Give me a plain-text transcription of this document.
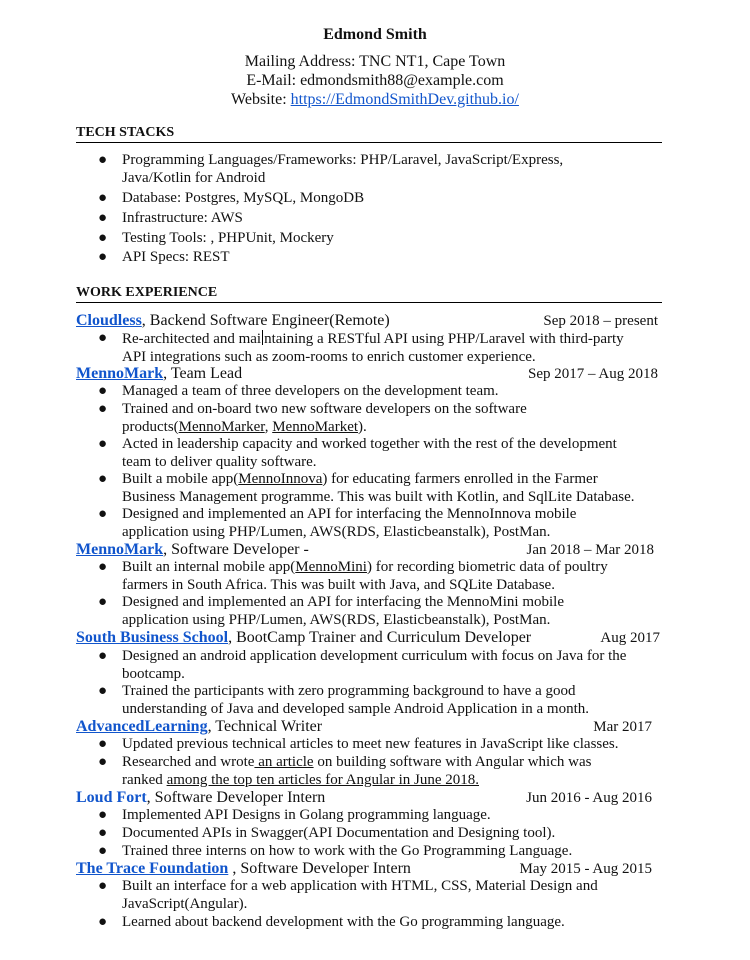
Edmond Smith
Mailing Address: TNC NT1, Cape Town
E-Mail: edmondsmith88@example.com
Website: https://EdmondSmithDev.github.io/
TECH STACKS
● Programming Languages/Frameworks: PHP/Laravel, JavaScript/Express,
Java/Kotlin for Android
● Database: Postgres, MySQL, MongoDB
● Infrastructure: AWS
● Testing Tools: , PHPUnit, Mockery
● API Specs: REST
WORK EXPERIENCE
Cloudless, Backend Software Engineer(Remote)	Sep 2018 – present
● Re-architected and mai ntaining a RESTful API using PHP/Laravel with third-party
API integrations such as zoom-rooms to enrich customer experience.
MennoMark, Team Lead	Sep 2017 – Aug 2018
● Managed a team of three developers on the development team.
● Trained and on-board two new software developers on the software
products(MennoMarker, MennoMarket).
● Acted in leadership capacity and worked together with the rest of the development
team to deliver quality software.
● Built a mobile app(MennoInnova) for educating farmers enrolled in the Farmer
Business Management programme. This was built with Kotlin, and SqlLite Database.
● Designed and implemented an API for interfacing the MennoInnova mobile
application using PHP/Lumen, AWS(RDS, Elasticbeanstalk), PostMan.
MennoMark, Software Developer -	Jan 2018 – Mar 2018
● Built an internal mobile app(MennoMini) for recording biometric data of poultry
farmers in South Africa. This was built with Java, and SQLite Database.
● Designed and implemented an API for interfacing the MennoMini mobile
application using PHP/Lumen, AWS(RDS, Elasticbeanstalk), PostMan.
South Business School, BootCamp Trainer and Curriculum Developer	Aug 2017
● Designed an android application development curriculum with focus on Java for the
bootcamp.
● Trained the participants with zero programming background to have a good
understanding of Java and developed sample Android Application in a month.
AdvancedLearning, Technical Writer	Mar 2017
● Updated previous technical articles to meet new features in JavaScript like classes.
● Researched and wrote an article on building software with Angular which was
ranked among the top ten articles for Angular in June 2018.
Loud Fort, Software Developer Intern	Jun 2016 - Aug 2016
● Implemented API Designs in Golang programming language.
● Documented APIs in Swagger(API Documentation and Designing tool).
● Trained three interns on how to work with the Go Programming Language.
The Trace Foundation , Software Developer Intern	May 2015 - Aug 2015
● Built an interface for a web application with HTML, CSS, Material Design and
JavaScript(Angular).
● Learned about backend development with the Go programming language.
